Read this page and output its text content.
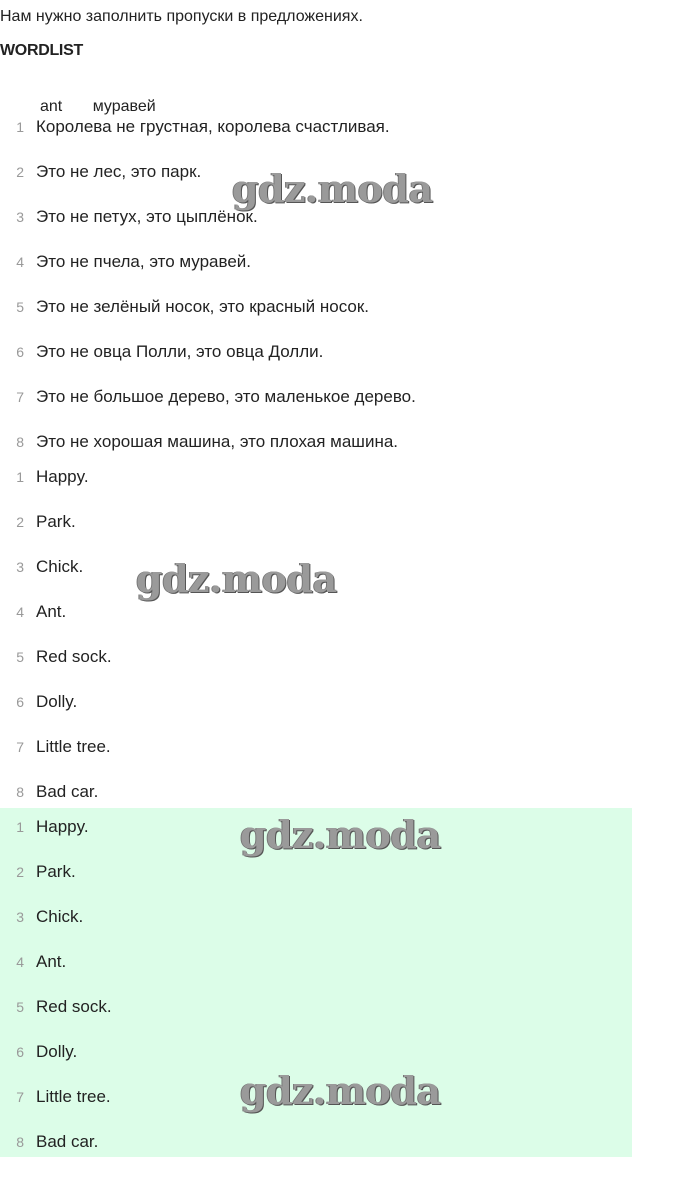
Нам нужно заполнить пропуски в предложениях.
WORDLIST
ant муравей
1 Королева не грустная, королева счастливая.
2 Это не лес, это парк.
3 Это не петух, это цыплёнок.
4 Это не пчела, это муравей.
5 Это не зелёный носок, это красный носок.
6 Это не овца Полли, это овца Долли.
7 Это не большое дерево, это маленькое дерево.
8 Это не хорошая машина, это плохая машина.
1 Happy.
2 Park.
3 Chick.
4 Ant.
5 Red sock.
6 Dolly.
7 Little tree.
8 Bad car.
1 Happy.
2 Park.
3 Chick.
4 Ant.
5 Red sock.
6 Dolly.
7 Little tree.
8 Bad car.
gdz.moda
gdz.moda
gdz.moda
gdz.moda
